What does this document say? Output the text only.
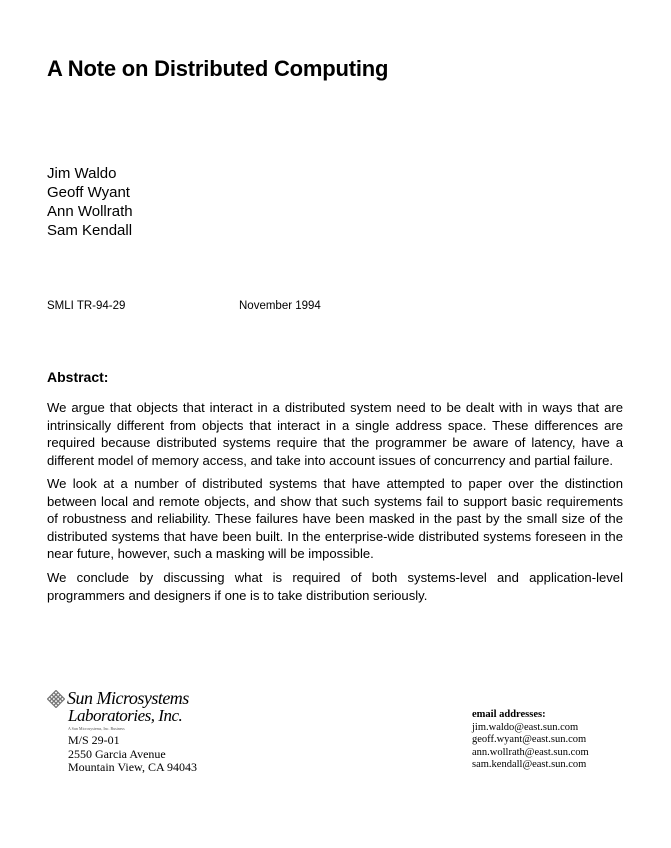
A Note on Distributed Computing
Jim Waldo
Geoff Wyant
Ann Wollrath
Sam Kendall
SMLI TR-94-29	November 1994
Abstract:
We argue that objects that interact in a distributed system need to be dealt with in ways that are intrinsically different from objects that interact in a single address space. These differences are required because distributed systems require that the programmer be aware of latency, have a different model of memory access, and take into account issues of concurrency and partial failure.
We look at a number of distributed systems that have attempted to paper over the distinction between local and remote objects, and show that such systems fail to support basic requirements of robustness and reliability. These failures have been masked in the past by the small size of the distributed systems that have been built. In the enterprise-wide distributed systems foreseen in the near future, however, such a masking will be impossible.
We conclude by discussing what is required of both systems-level and application-level programmers and designers if one is to take distribution seriously.
Sun Microsystems
Laboratories, Inc.
A Sun Microsystems, Inc. Business
M/S 29-01
2550 Garcia Avenue
Mountain View, CA 94043
email addresses:
jim.waldo@east.sun.com
geoff.wyant@east.sun.com
ann.wollrath@east.sun.com
sam.kendall@east.sun.com
